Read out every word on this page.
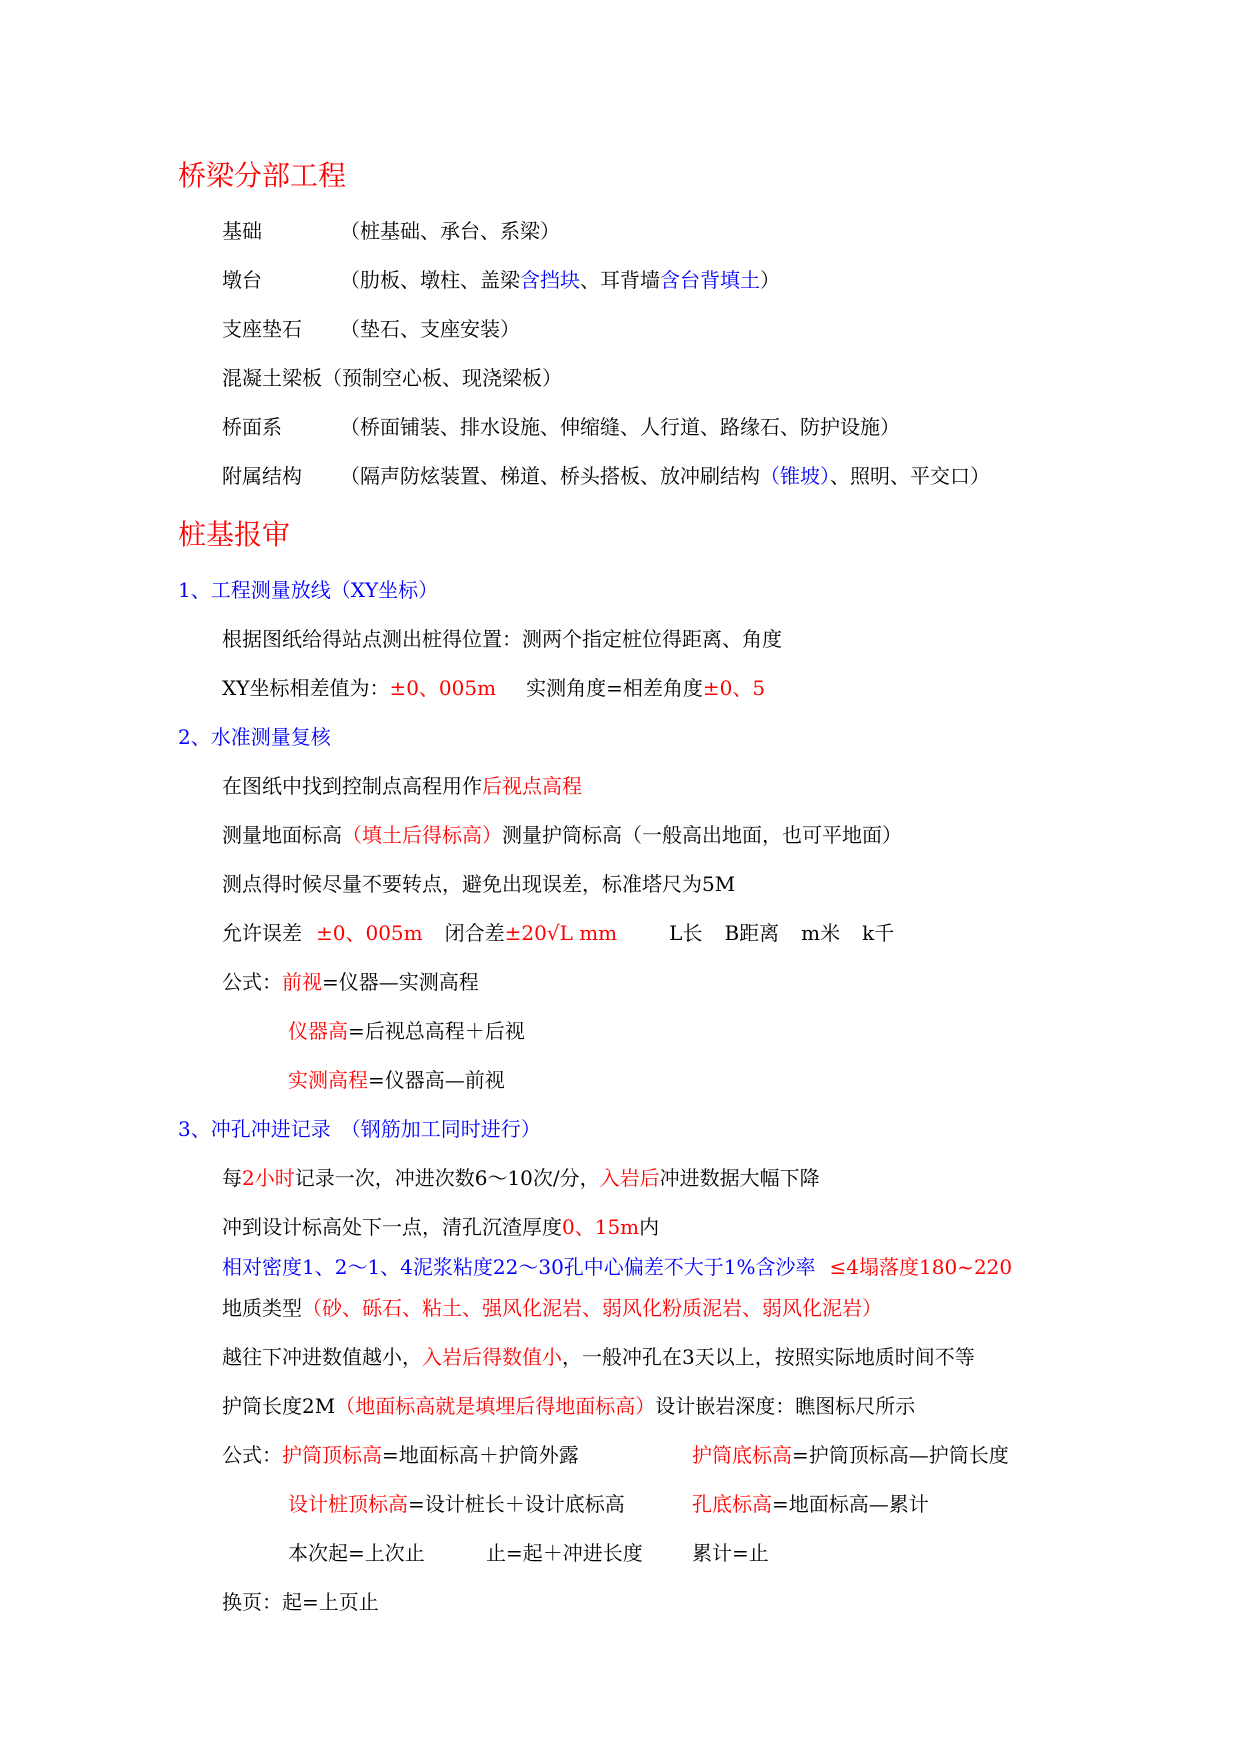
桥梁分部工程
基础	（桩基础、承台、系梁）
墩台	（肋板、墩柱、盖梁含挡块、耳背墙含台背填土）
支座垫石 （垫石、支座安装）
混凝土梁板（预制空心板、现浇梁板）
桥面系	（桥面铺装、排水设施、伸缩缝、人行道、路缘石、防护设施）
附属结构 （隔声防炫装置、梯道、桥头搭板、放冲刷结构（锥坡）、照明、平交口）
桩基报审
1、工程测量放线（XY坐标）
根据图纸给得站点测出桩得位置：测两个指定桩位得距离、角度
XY坐标相差值为：±0、005m 实测角度=相差角度±0、5
2、水准测量复核
在图纸中找到控制点高程用作后视点高程
测量地面标高（填土后得标高）测量护筒标高（一般高出地面，也可平地面）
测点得时候尽量不要转点，避免出现误差，标准塔尺为5M
允许误差 ±0、005m 闭合差±20√L mm	L长 B距离 m米 k千
公式：前视=仪器—实测高程
仪器高=后视总高程＋后视
实测高程=仪器高—前视
3、冲孔冲进记录　（钢筋加工同时进行）
每2小时记录一次，冲进次数6～10次/分，入岩后冲进数据大幅下降
冲到设计标高处下一点，清孔沉渣厚度0、15m内
相对密度1、2～1、4泥浆粘度22～30孔中心偏差不大于1%含沙率 ≤4塌落度180~220
地质类型（砂、砾石、粘土、强风化泥岩、弱风化粉质泥岩、弱风化泥岩）
越往下冲进数值越小，入岩后得数值小，一般冲孔在3天以上，按照实际地质时间不等
护筒长度2M（地面标高就是填埋后得地面标高）设计嵌岩深度：瞧图标尺所示
公式：护筒顶标高=地面标高＋护筒外露	护筒底标高=护筒顶标高—护筒长度
设计桩顶标高=设计桩长＋设计底标高	孔底标高=地面标高—累计
本次起=上次止	止=起＋冲进长度 累计=止
换页：起=上页止
